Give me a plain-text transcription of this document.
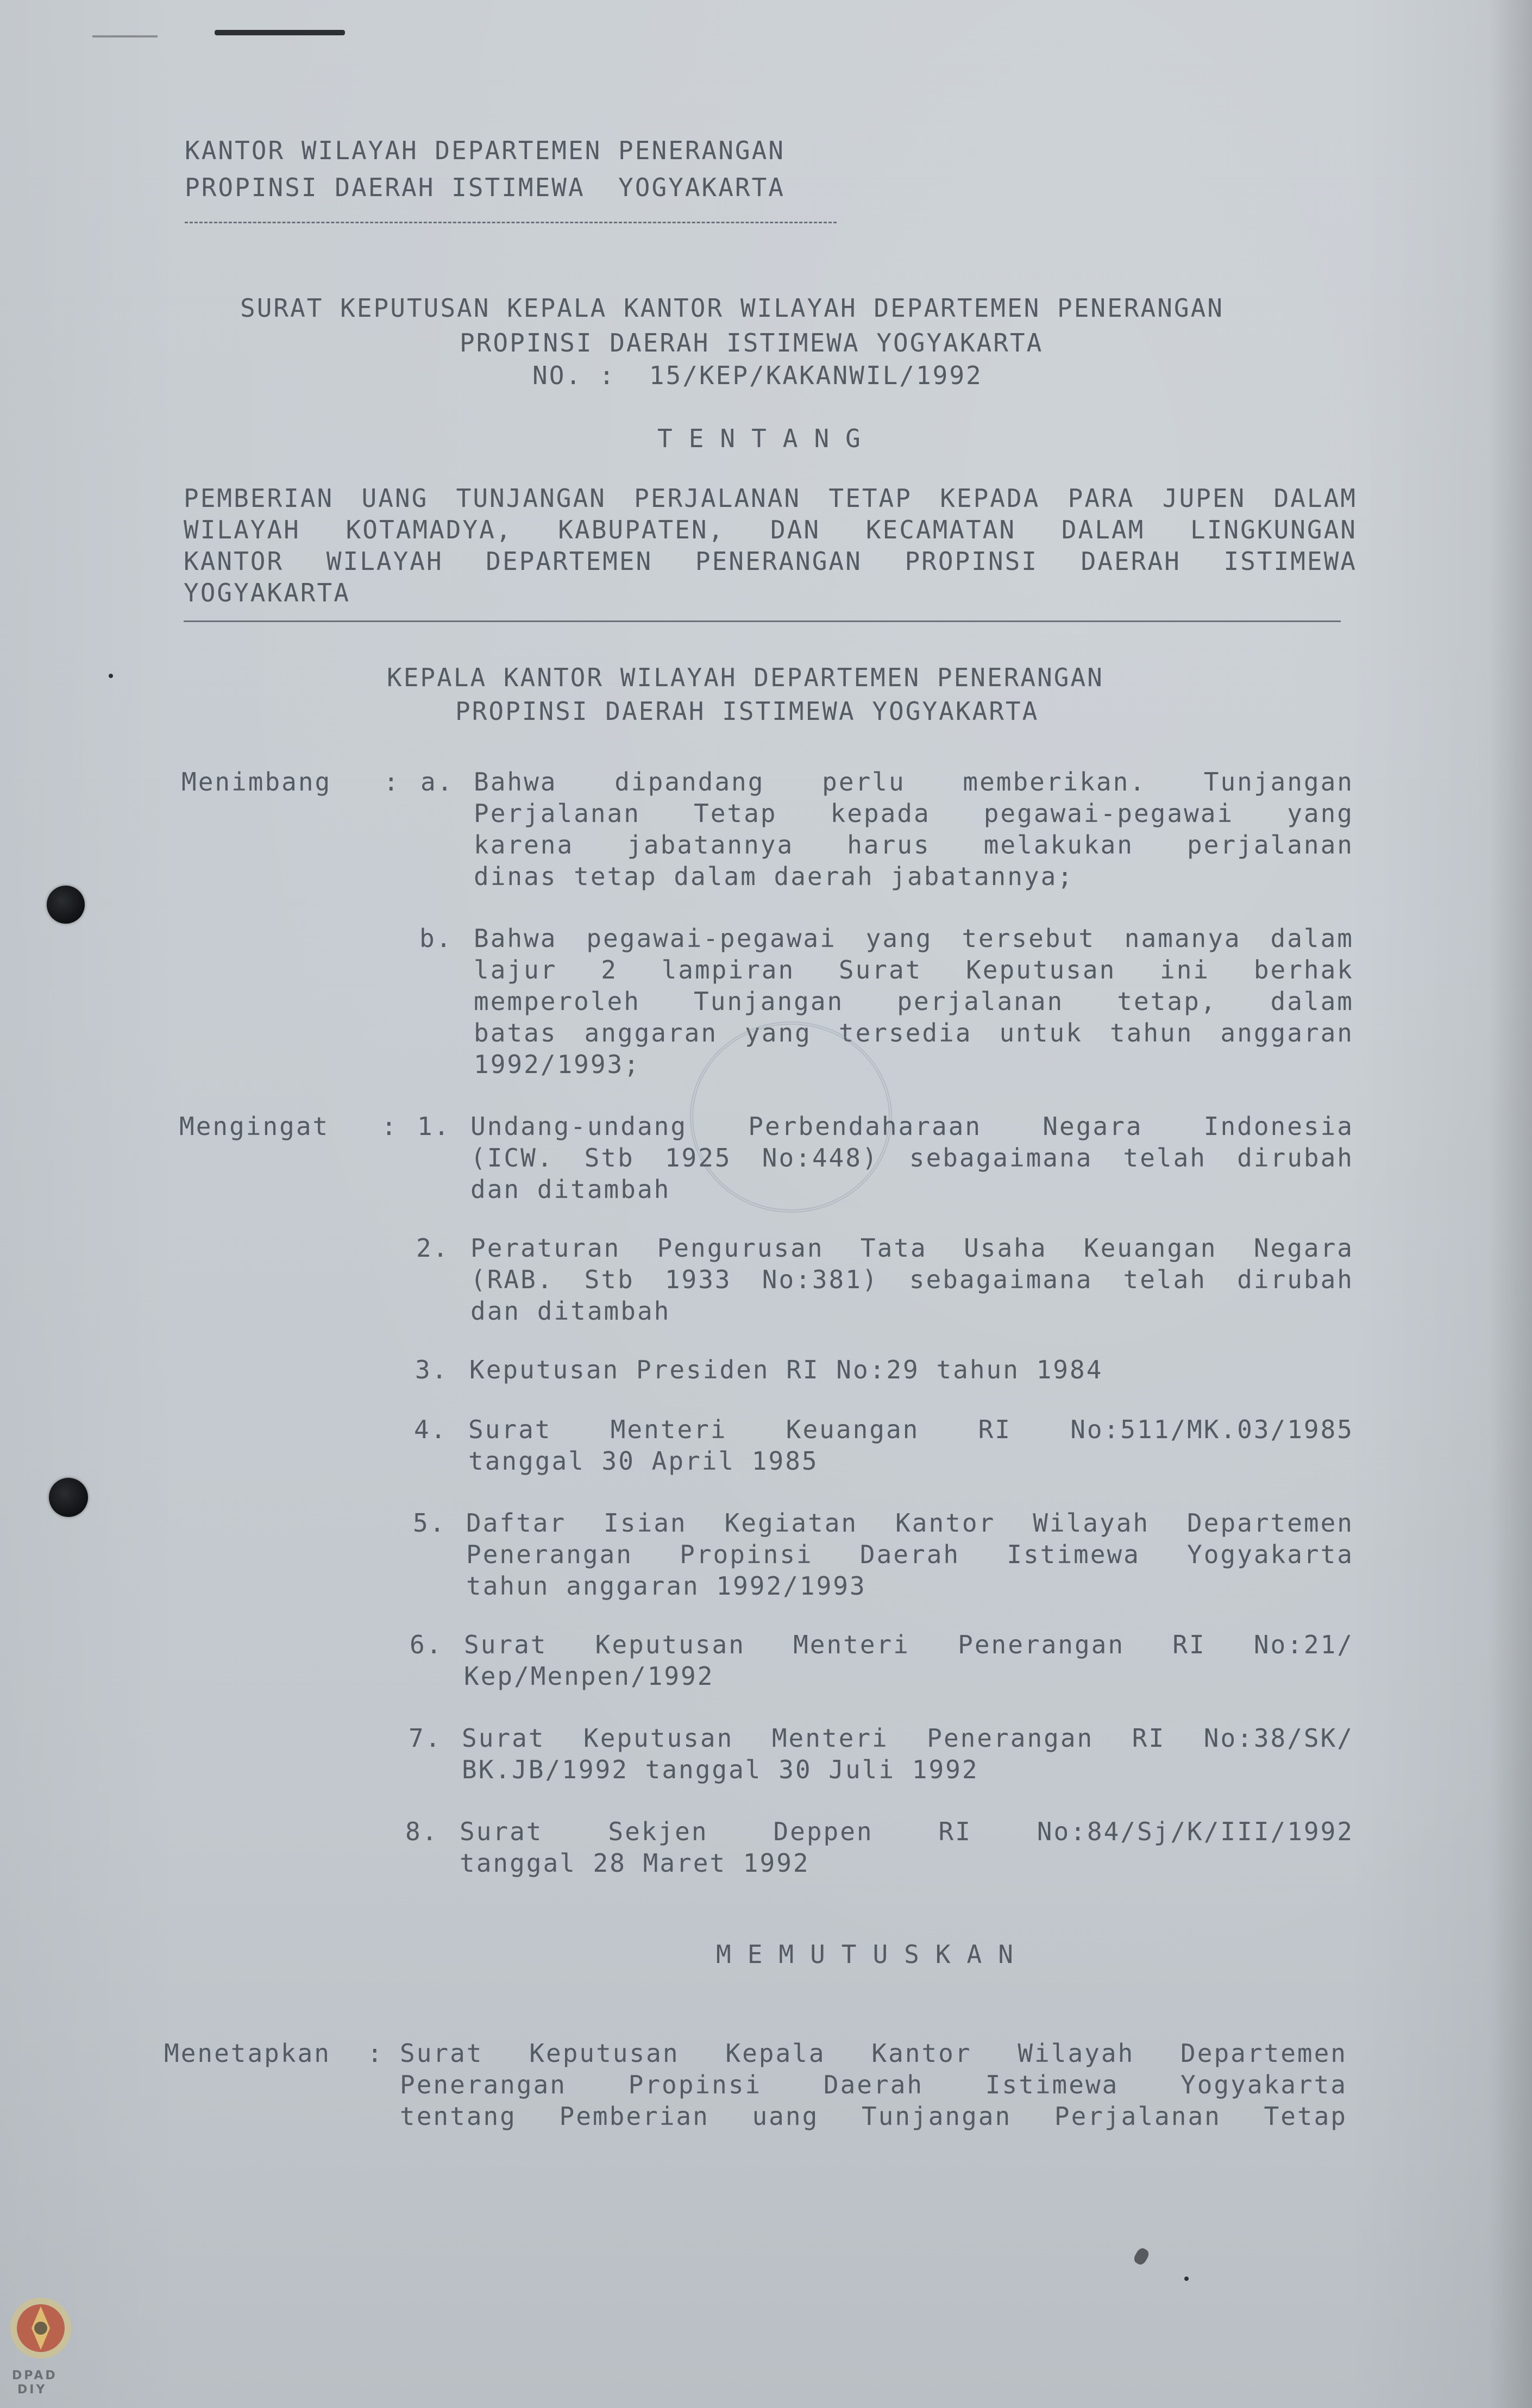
KANTOR WILAYAH DEPARTEMEN PENERANGAN
PROPINSI DAERAH ISTIMEWA  YOGYAKARTA
SURAT KEPUTUSAN KEPALA KANTOR WILAYAH DEPARTEMEN PENERANGAN
PROPINSI DAERAH ISTIMEWA YOGYAKARTA
NO. :  15/KEP/KAKANWIL/1992
TENTANG
PEMBERIAN UANG TUNJANGAN PERJALANAN TETAP KEPADA PARA JUPEN DALAM
WILAYAH KOTAMADYA, KABUPATEN, DAN KECAMATAN DALAM LINGKUNGAN
KANTOR WILAYAH DEPARTEMEN PENERANGAN PROPINSI DAERAH ISTIMEWA
YOGYAKARTA
KEPALA KANTOR WILAYAH DEPARTEMEN PENERANGAN
PROPINSI DAERAH ISTIMEWA YOGYAKARTA
Menimbang : a. Bahwa dipandang perlu memberikan. Tunjangan
Perjalanan Tetap kepada pegawai-pegawai yang
karena jabatannya harus melakukan perjalanan
dinas tetap dalam daerah jabatannya;
b. Bahwa pegawai-pegawai yang tersebut namanya dalam
lajur 2 lampiran Surat Keputusan ini berhak
memperoleh Tunjangan perjalanan tetap, dalam
batas anggaran yang tersedia untuk tahun anggaran
1992/1993;
Mengingat : 1. Undang-undang Perbendaharaan Negara Indonesia
(ICW. Stb 1925 No:448) sebagaimana telah dirubah
dan ditambah
2. Peraturan Pengurusan Tata Usaha Keuangan Negara
(RAB. Stb 1933 No:381) sebagaimana telah dirubah
dan ditambah
3. Keputusan Presiden RI No:29 tahun 1984
4. Surat Menteri Keuangan RI No:511/MK.03/1985
tanggal 30 April 1985
5. Daftar Isian Kegiatan Kantor Wilayah Departemen
Penerangan Propinsi Daerah Istimewa Yogyakarta
tahun anggaran 1992/1993
6. Surat Keputusan Menteri Penerangan RI No:21/
Kep/Menpen/1992
7. Surat Keputusan Menteri Penerangan RI No:38/SK/
BK.JB/1992 tanggal 30 Juli 1992
8. Surat Sekjen Deppen RI No:84/Sj/K/III/1992
tanggal 28 Maret 1992
MEMUTUSKAN
Menetapkan : Surat Keputusan Kepala Kantor Wilayah Departemen
Penerangan Propinsi Daerah Istimewa Yogyakarta
tentang Pemberian uang Tunjangan Perjalanan Tetap
DPAD
DIY
